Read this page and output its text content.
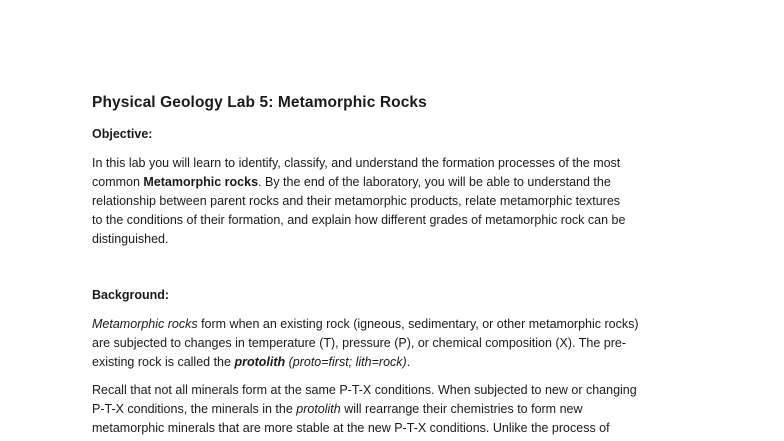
Physical Geology Lab 5: Metamorphic Rocks
Objective:
In this lab you will learn to identify, classify, and understand the formation processes of the most
common Metamorphic rocks. By the end of the laboratory, you will be able to understand the
relationship between parent rocks and their metamorphic products, relate metamorphic textures
to the conditions of their formation, and explain how different grades of metamorphic rock can be
distinguished.
Background:
Metamorphic rocks form when an existing rock (igneous, sedimentary, or other metamorphic rocks)
are subjected to changes in temperature (T), pressure (P), or chemical composition (X). The pre-
existing rock is called the protolith (proto=first; lith=rock).
Recall that not all minerals form at the same P-T-X conditions. When subjected to new or changing
P-T-X conditions, the minerals in the protolith will rearrange their chemistries to form new
metamorphic minerals that are more stable at the new P-T-X conditions. Unlike the process of
